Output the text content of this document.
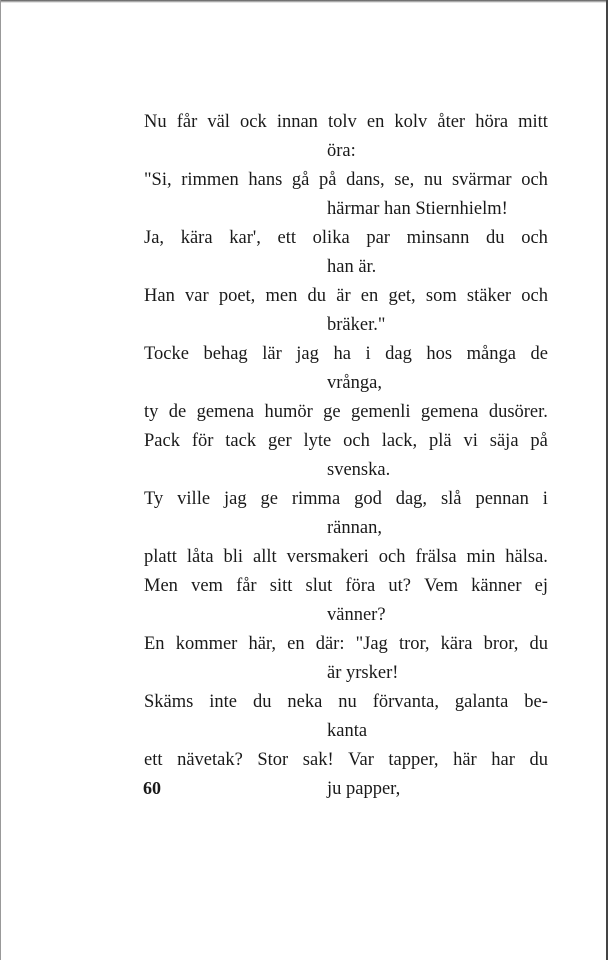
Nu får väl ock innan tolv en kolv åter höra mitt
öra:
"Si, rimmen hans gå på dans, se, nu svärmar och
härmar han Stiernhielm!
Ja, kära kar', ett olika par minsann du och
han är.
Han var poet, men du är en get, som stäker och
bräker."
Tocke behag lär jag ha i dag hos många de
vrånga,
ty de gemena humör ge gemenli gemena dusörer.
Pack för tack ger lyte och lack, plä vi säja på
svenska.
Ty ville jag ge rimma god dag, slå pennan i
rännan,
platt låta bli allt versmakeri och frälsa min hälsa.
Men vem får sitt slut föra ut? Vem känner ej
vänner?
En kommer här, en där: "Jag tror, kära bror, du
är yrsker!
Skäms inte du neka nu förvanta, galanta be-
kanta
ett nävetak? Stor sak! Var tapper, här har du
ju papper,
60
